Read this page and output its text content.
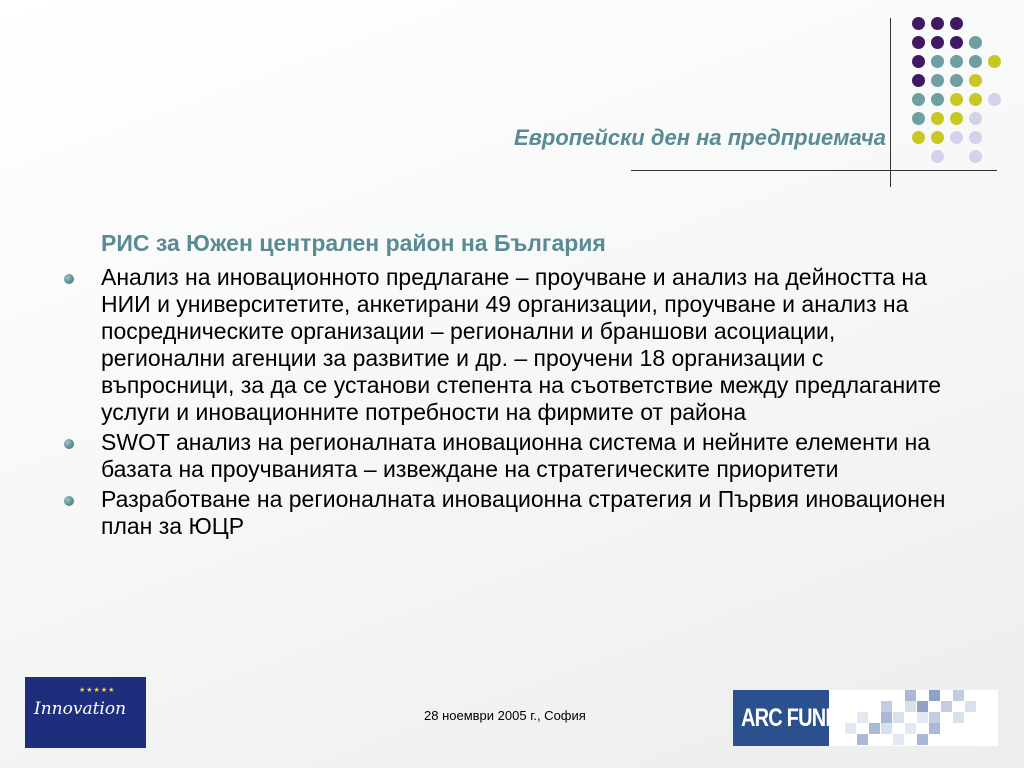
Европейски ден на предприемача
РИС за Южен централен район на България
Анализ на иновационното предлагане – проучване и анализ на дейността на НИИ и университетите, анкетирани 49 организации, проучване и анализ на посредническите организации – регионални и браншови асоциации, регионални агенции за развитие и др. – проучени 18 организации с въпросници, за да се установи степента на съответствие между предлаганите услуги и иновационните потребности на фирмите от района
SWOT анализ на регионалната иновационна система и нейните елементи на базата на проучванията – извеждане на стратегическите приоритети
Разработване на регионалната иновационна стратегия и Първия иновационен план за ЮЦР
★★★★★
Innovation	28 ноември 2005 г., София	ARC FUND
